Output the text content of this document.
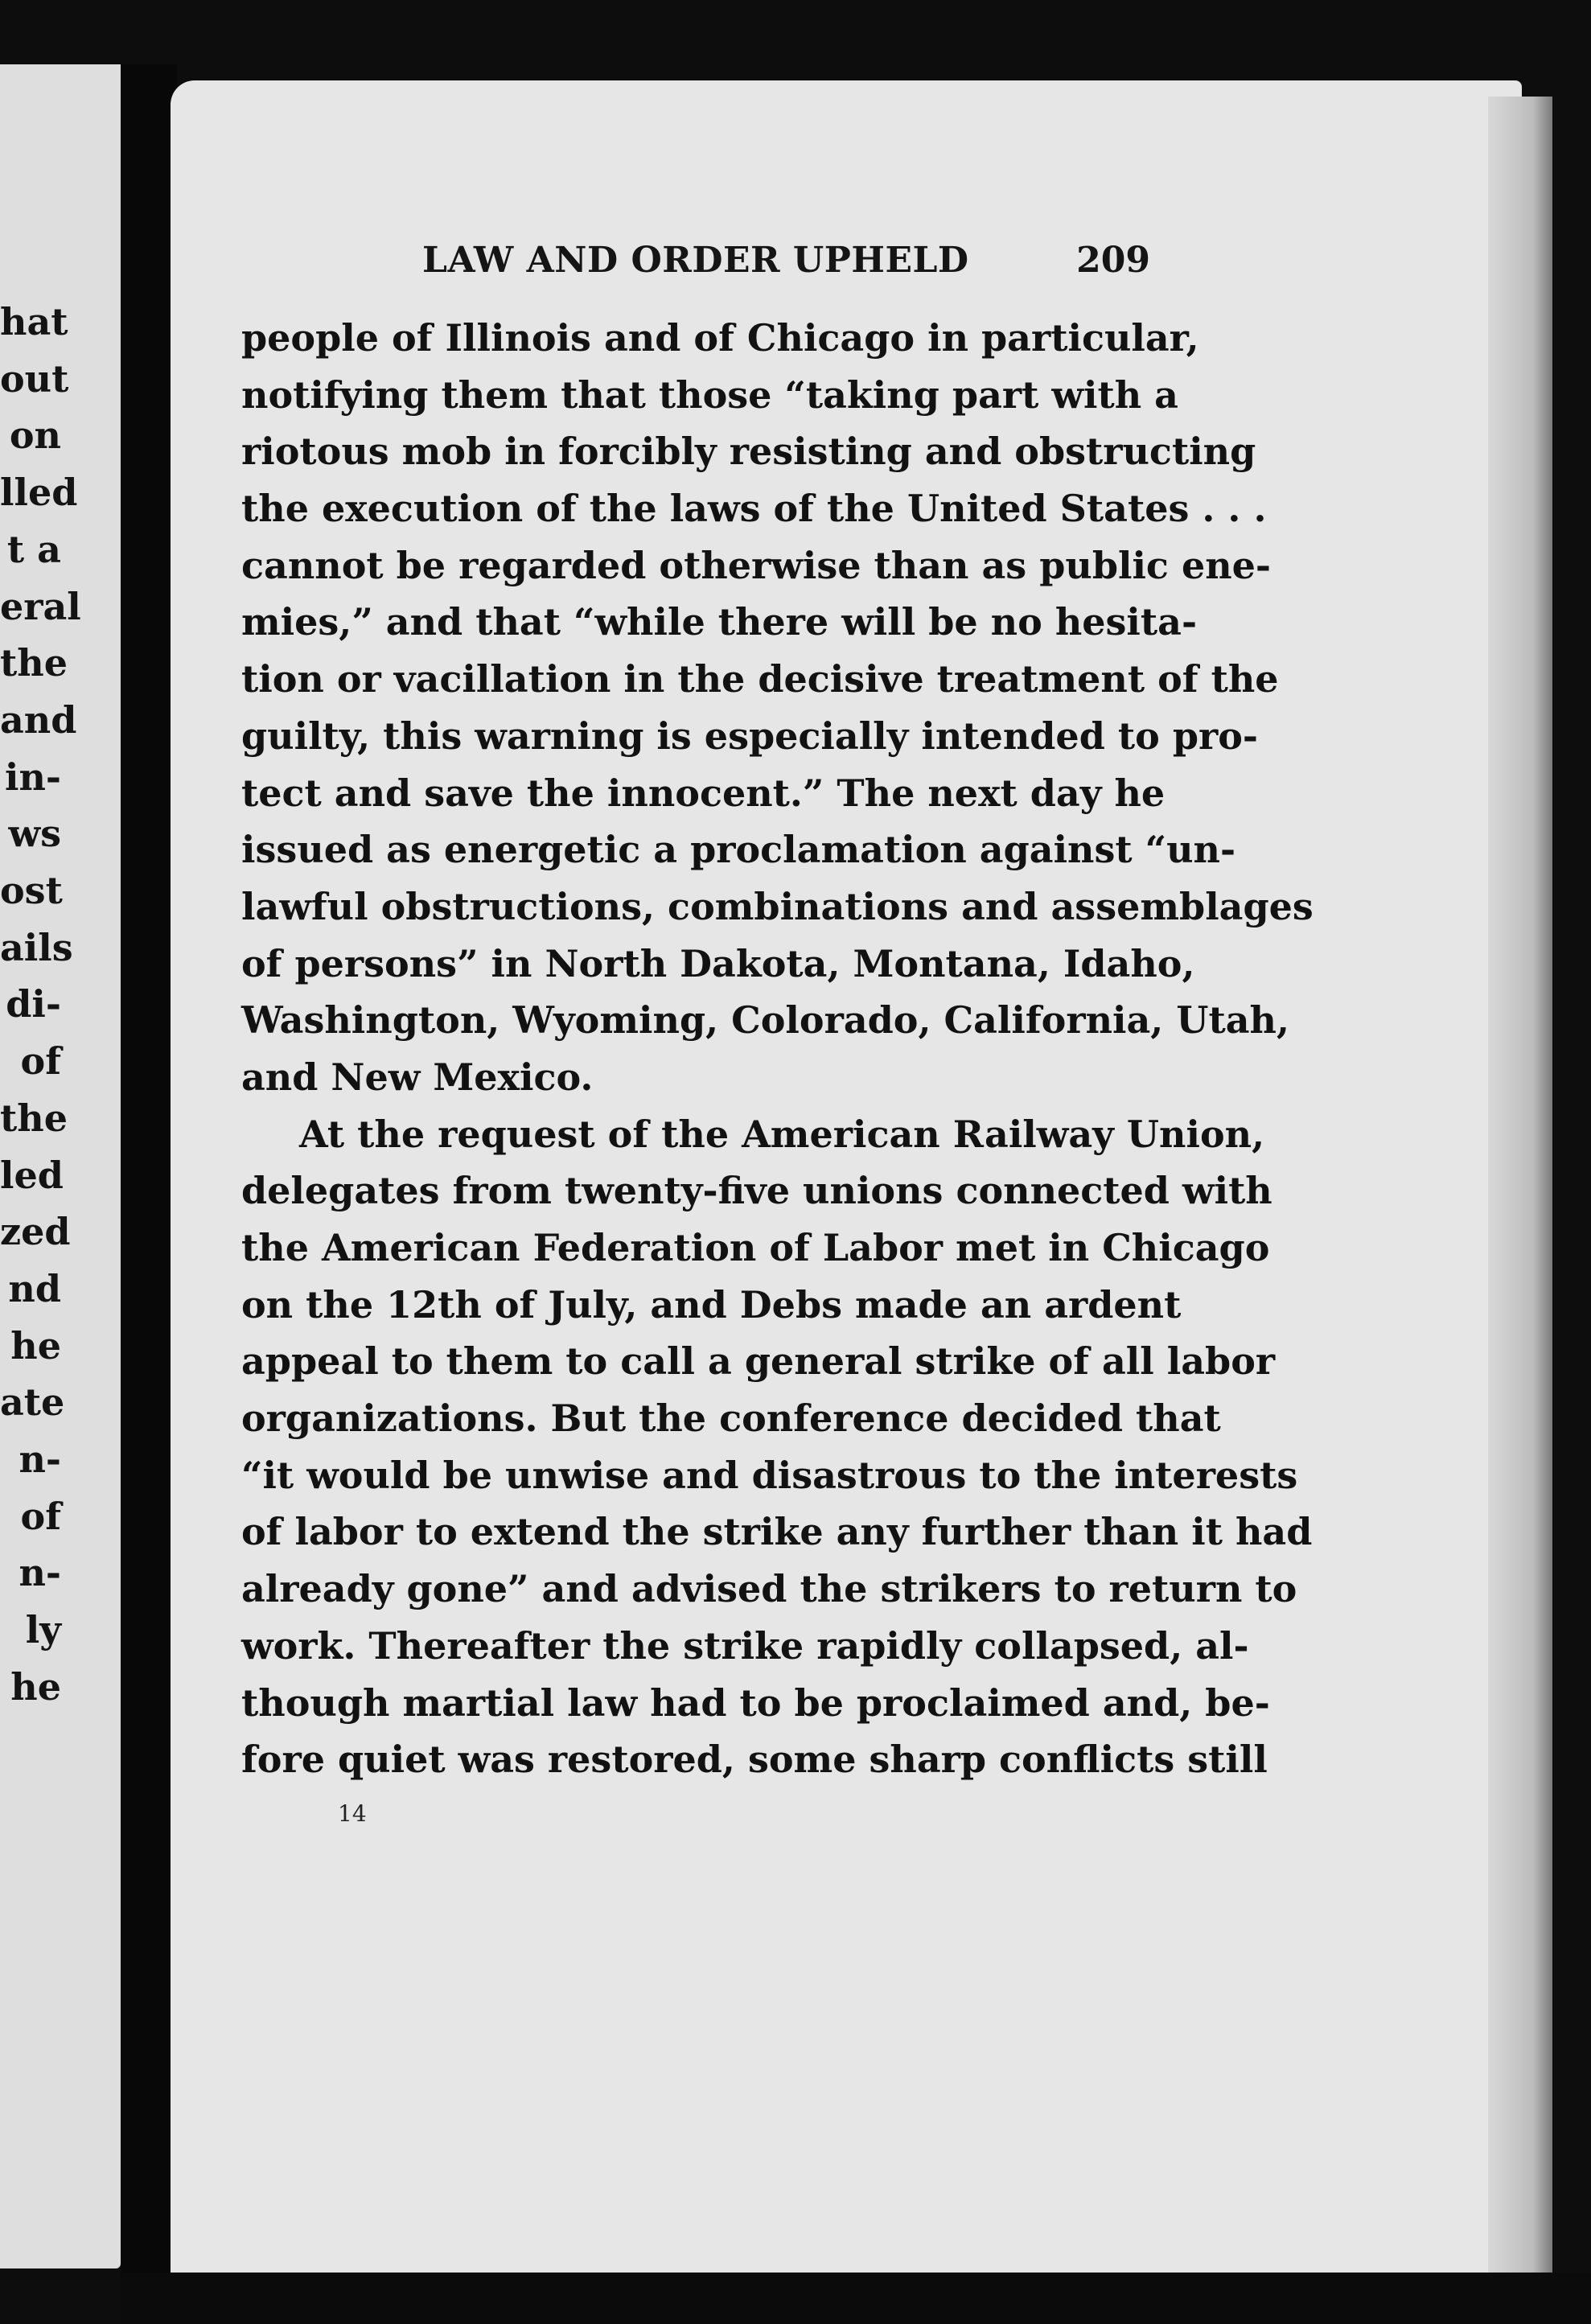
hat
out
on
lled
t a
eral
the
and
in-
ws
ost
ails
di-
of
the
led
zed
nd
he
ate
n-
of
n-
ly
he
LAW AND ORDER UPHELD	209
people of Illinois and of Chicago in particular,
notifying them that those “taking part with a
riotous mob in forcibly resisting and obstructing
the execution of the laws of the United States . . .
cannot be regarded otherwise than as public ene-
mies,” and that “while there will be no hesita-
tion or vacillation in the decisive treatment of the
guilty, this warning is especially intended to pro-
tect and save the innocent.” The next day he
issued as energetic a proclamation against “un-
lawful obstructions, combinations and assemblages
of persons” in North Dakota, Montana, Idaho,
Washington, Wyoming, Colorado, California, Utah,
and New Mexico.
At the request of the American Railway Union,
delegates from twenty-five unions connected with
the American Federation of Labor met in Chicago
on the 12th of July, and Debs made an ardent
appeal to them to call a general strike of all labor
organizations. But the conference decided that
“it would be unwise and disastrous to the interests
of labor to extend the strike any further than it had
already gone” and advised the strikers to return to
work. Thereafter the strike rapidly collapsed, al-
though martial law had to be proclaimed and, be-
fore quiet was restored, some sharp conflicts still
14
